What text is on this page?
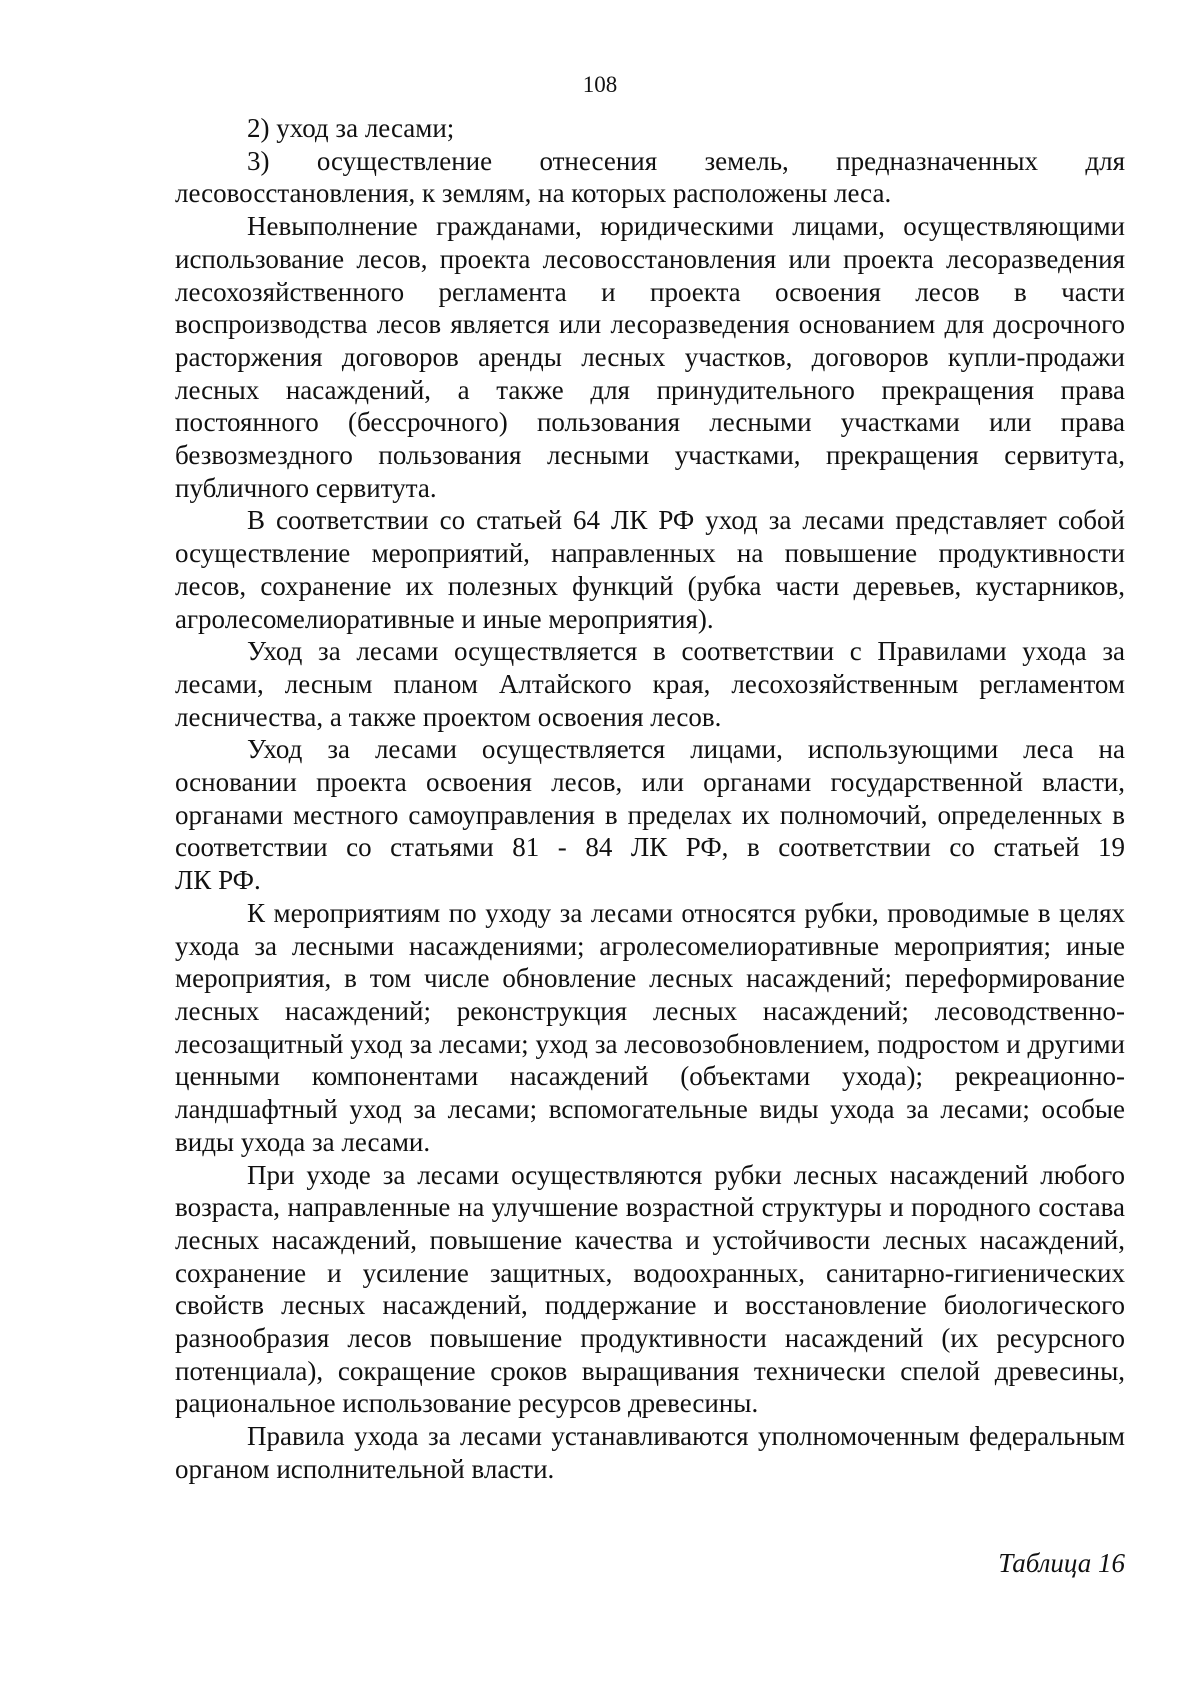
108

2) уход за лесами;

3) осуществление отнесения земель, предназначенных для лесовосстановления, к землям, на которых расположены леса.

Невыполнение гражданами, юридическими лицами, осуществляющими использование лесов, проекта лесовосстановления или проекта лесоразведения лесохозяйственного регламента и проекта освоения лесов в части воспроизводства лесов является или лесоразведения основанием для досрочного расторжения договоров аренды лесных участков, договоров купли-продажи лесных насаждений, а также для принудительного прекращения права постоянного (бессрочного) пользования лесными участками или права безвозмездного пользования лесными участками, прекращения сервитута, публичного сервитута.

В соответствии со статьей 64 ЛК РФ уход за лесами представляет собой осуществление мероприятий, направленных на повышение продуктивности лесов, сохранение их полезных функций (рубка части деревьев, кустарников, агролесомелиоративные и иные мероприятия).

Уход за лесами осуществляется в соответствии с Правилами ухода за лесами, лесным планом Алтайского края, лесохозяйственным регламентом лесничества, а также проектом освоения лесов.

Уход за лесами осуществляется лицами, использующими леса на основании проекта освоения лесов, или органами государственной власти, органами местного самоуправления в пределах их полномочий, определенных в соответствии со статьями 81 - 84 ЛК РФ, в соответствии со статьей 19

ЛК РФ.

К мероприятиям по уходу за лесами относятся рубки, проводимые в целях ухода за лесными насаждениями; агролесомелиоративные мероприятия; иные мероприятия, в том числе обновление лесных насаждений; переформирование лесных насаждений; реконструкция лесных насаждений; лесоводственно-лесозащитный уход за лесами; уход за лесовозобновлением, подростом и другими ценными компонентами насаждений (объектами ухода); рекреационно-ландшафтный уход за лесами; вспомогательные виды ухода за лесами; особые виды ухода за лесами.

При уходе за лесами осуществляются рубки лесных насаждений любого возраста, направленные на улучшение возрастной структуры и породного состава лесных насаждений, повышение качества и устойчивости лесных насаждений, сохранение и усиление защитных, водоохранных, санитарно-гигиенических свойств лесных насаждений, поддержание и восстановление биологического разнообразия лесов повышение продуктивности насаждений (их ресурсного потенциала), сокращение сроков выращивания технически спелой древесины, рациональное использование ресурсов древесины.

Правила ухода за лесами устанавливаются уполномоченным федеральным органом исполнительной власти.

Таблица 16
